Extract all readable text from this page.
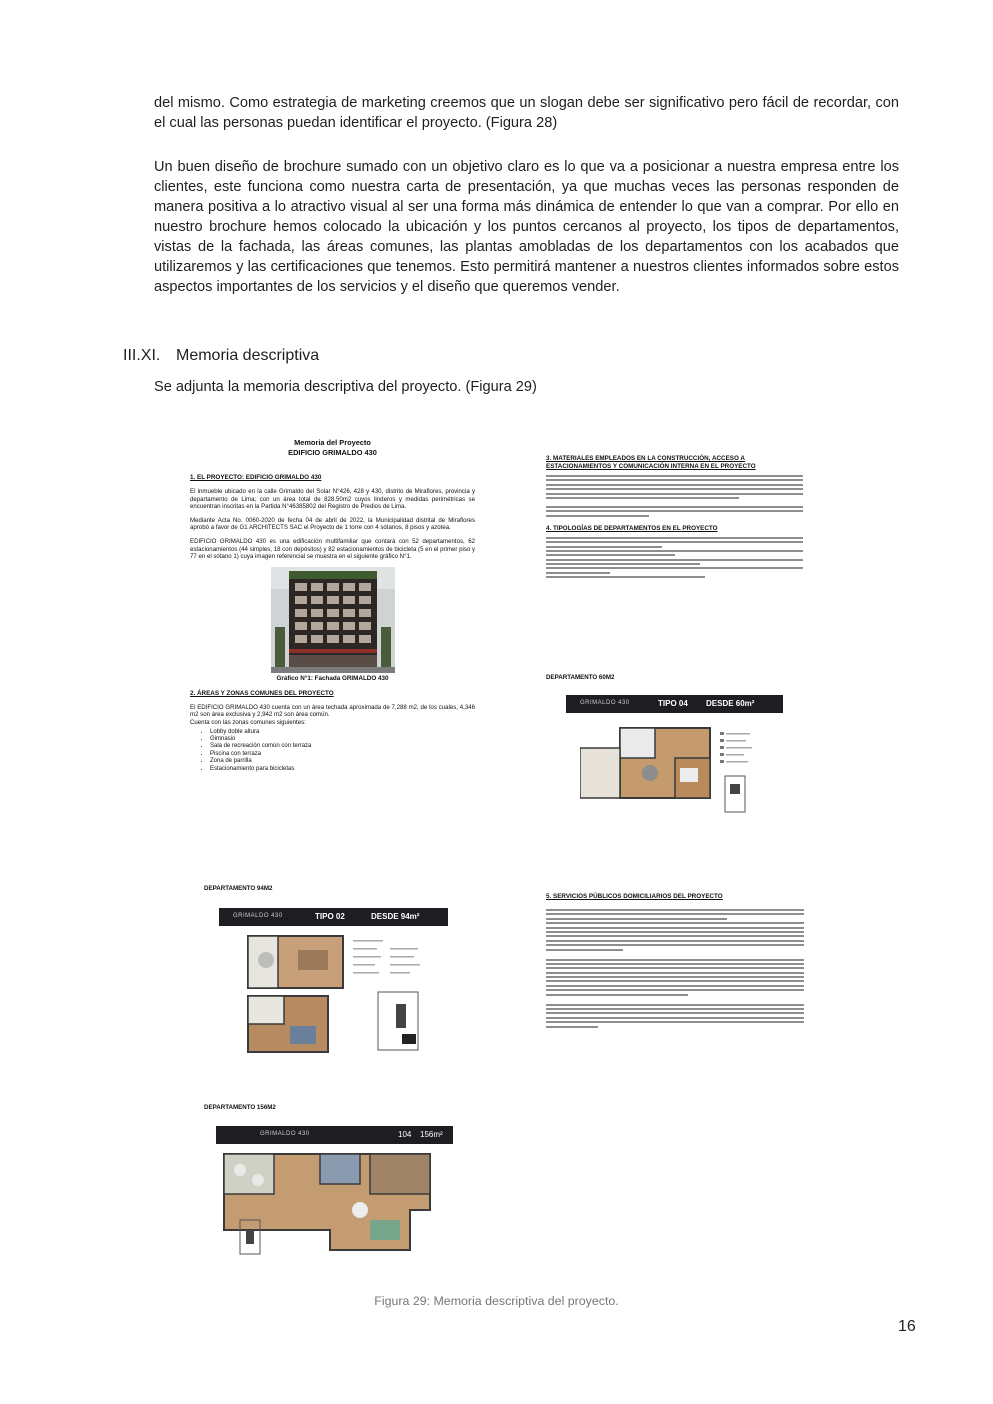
del mismo. Como estrategia de marketing creemos que un slogan debe ser significativo pero fácil de recordar, con el cual las personas puedan identificar el proyecto. (Figura 28)

Un buen diseño de brochure sumado con un objetivo claro es lo que va a posicionar a nuestra empresa entre los clientes, este funciona como nuestra carta de presentación, ya que muchas veces las personas responden de manera positiva a lo atractivo visual al ser una forma más dinámica de entender lo que van a comprar. Por ello en nuestro brochure hemos colocado la ubicación y los puntos cercanos al proyecto, los tipos de departamentos, vistas de la fachada, las áreas comunes, las plantas amobladas de los departamentos con los acabados que utilizaremos y las certificaciones que tenemos. Esto permitirá mantener a nuestros clientes informados sobre estos aspectos importantes de los servicios y el diseño que queremos vender.

III.XI. Memoria descriptiva
Se adjunta la memoria descriptiva del proyecto. (Figura 29)
Memoria del Proyecto
EDIFICIO GRIMALDO 430
1. EL PROYECTO: EDIFICIO GRIMALDO 430
El inmueble ubicado en la calle Grimaldo del Solar N°426, 428 y 430, distrito de Miraflores, provincia y departamento de Lima; con un área total de 828.50m2 cuyos linderos y medidas perimétricas se encuentran inscritas en la Partida N°46385802 del Registro de Predios de Lima.
Mediante Acta No. 0060-2020 de fecha 04 de abril de 2022, la Municipalidad distrital de Miraflores aprobó a favor de G1 ARCHITECTS SAC el Proyecto de 1 torre con 4 sótanos, 8 pisos y azotea.
EDIFICIO GRIMALDO 430 es una edificación multifamiliar que contará con 52 departamentos, 62 estacionamientos (44 simples, 18 con depósitos) y 82 estacionamientos de bicicleta (5 en el primer piso y 77 en el sótano 1) cuya imagen referencial se muestra en el siguiente gráfico N°1.
Gráfico N°1: Fachada GRIMALDO 430
2. ÁREAS Y ZONAS COMUNES DEL PROYECTO
El EDIFICIO GRIMALDO 430 cuenta con un área techada aproximada de 7,288 m2, de los cuales, 4,346 m2 son área exclusiva y 2,942 m2 son área común.
Cuenta con las zonas comunes siguientes:
• Lobby doble altura
• Gimnasio
• Sala de recreación común con terraza
• Piscina con terraza
• Zona de parrilla
• Estacionamiento para bicicletas
3. MATERIALES EMPLEADOS EN LA CONSTRUCCIÓN, ACCESO A ESTACIONAMIENTOS Y COMUNICACIÓN INTERNA EN EL PROYECTO
4. TIPOLOGÍAS DE DEPARTAMENTOS EN EL PROYECTO
DEPARTAMENTO 60M2
GRIMALDO 430	TIPO 04 DESDE 60m²
DEPARTAMENTO 94M2
GRIMALDO 430	TIPO 02	DESDE 94m²
DEPARTAMENTO 156M2
GRIMALDO 430	104 156m²
5. SERVICIOS PÚBLICOS DOMICILIARIOS DEL PROYECTO
Figura 29: Memoria descriptiva del proyecto.
16
